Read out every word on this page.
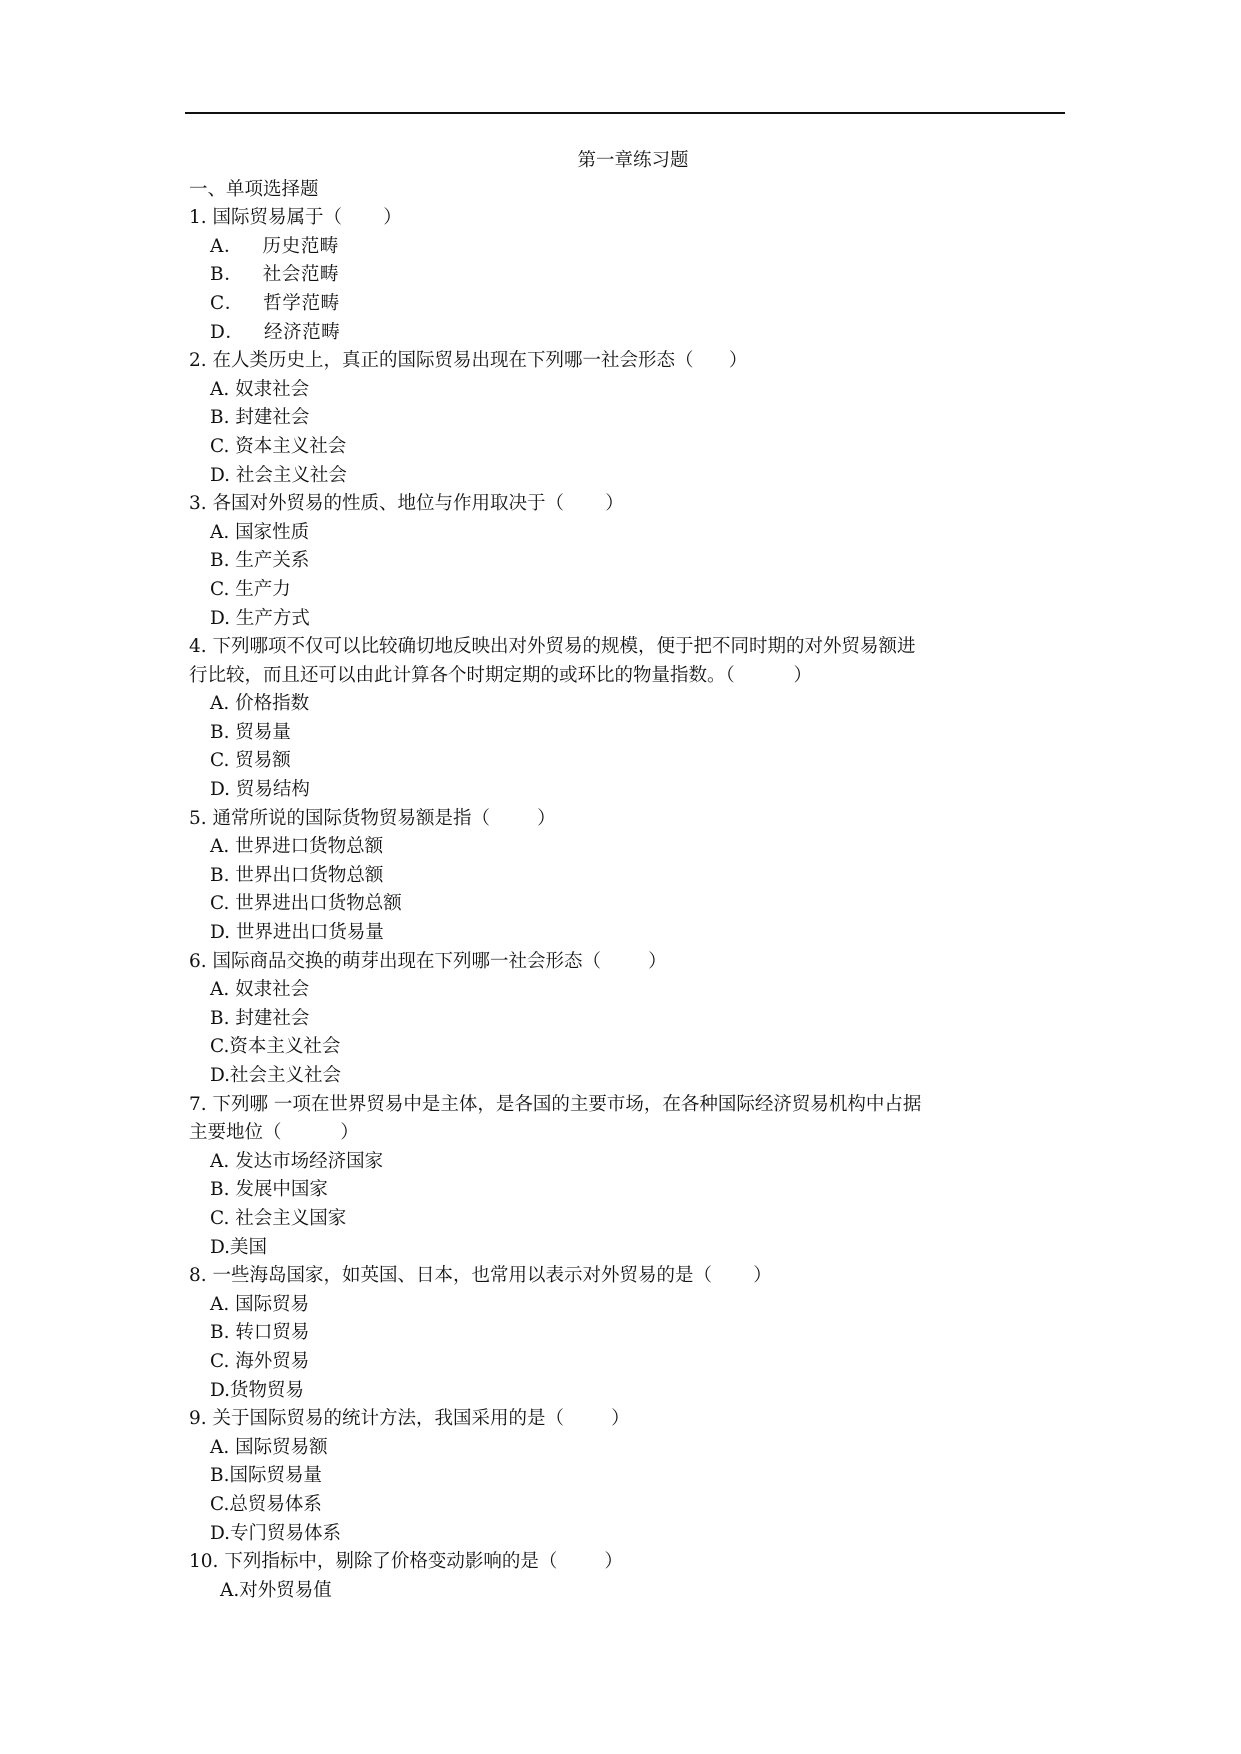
第一章练习题
一、单项选择题
1. 国际贸易属于（       ）
A．   历史范畴
B．   社会范畴
C．   哲学范畴
D．   经济范畴
2. 在人类历史上，真正的国际贸易出现在下列哪一社会形态（      ）
A. 奴隶社会
B. 封建社会
C. 资本主义社会
D. 社会主义社会
3. 各国对外贸易的性质、地位与作用取决于（       ）
A. 国家性质
B. 生产关系
C. 生产力
D. 生产方式
4. 下列哪项不仅可以比较确切地反映出对外贸易的规模，便于把不同时期的对外贸易额进
行比较，而且还可以由此计算各个时期定期的或环比的物量指数。（          ）
A. 价格指数
B. 贸易量
C. 贸易额
D. 贸易结构
5. 通常所说的国际货物贸易额是指（        ）
A. 世界进口货物总额
B. 世界出口货物总额
C. 世界进出口货物总额
D. 世界进出口货易量
6. 国际商品交换的萌芽出现在下列哪一社会形态（        ）
A. 奴隶社会
B. 封建社会
C.资本主义社会
D.社会主义社会
7. 下列哪 一项在世界贸易中是主体，是各国的主要市场，在各种国际经济贸易机构中占据
主要地位（          ）
A. 发达市场经济国家
B. 发展中国家
C. 社会主义国家
D.美国
8. 一些海岛国家，如英国、日本，也常用以表示对外贸易的是（       ）
A. 国际贸易
B. 转口贸易
C. 海外贸易
D.货物贸易
9. 关于国际贸易的统计方法，我国采用的是（        ）
A. 国际贸易额
B.国际贸易量
C.总贸易体系
D.专门贸易体系
10. 下列指标中，剔除了价格变动影响的是（        ）
A.对外贸易值
